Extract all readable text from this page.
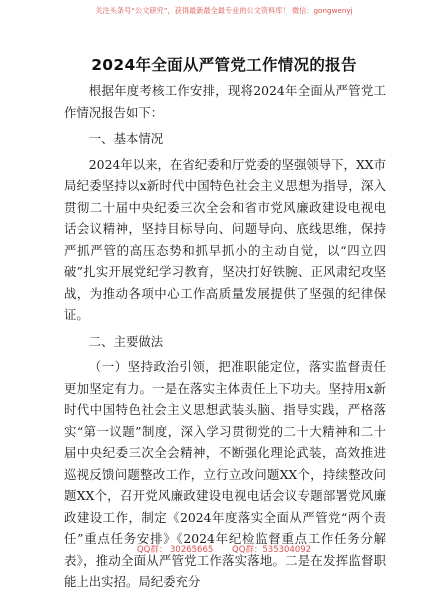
关注头条号“公文研究”，获得最新最全最专业的公文资料库！ 微信：gongwenyj
2024年全面从严管党工作情况的报告

根据年度考核工作安排，现将2024年全面从严管党工作情况报告如下：

一、基本情况

2024年以来，在省纪委和厅党委的坚强领导下，XX市局纪委坚持以x新时代中国特色社会主义思想为指导，深入贯彻二十届中央纪委三次全会和省市党风廉政建设电视电话会议精神，坚持目标导向、问题导向、底线思维，保持严抓严管的高压态势和抓早抓小的主动自觉，以“四立四破”扎实开展党纪学习教育，坚决打好铁腕、正风肃纪攻坚战，为推动各项中心工作高质量发展提供了坚强的纪律保证。

二、主要做法

（一）坚持政治引领，把准职能定位，落实监督责任更加坚定有力。一是在落实主体责任上下功夫。坚持用x新时代中国特色社会主义思想武装头脑、指导实践，严格落实“第一议题”制度，深入学习贯彻党的二十大精神和二十届中央纪委三次全会精神，不断强化理论武装，高效推进巡视反馈问题整改工作，立行立改问题XX个，持续整改问题XX个，召开党风廉政建设电视电话会议专题部署党风廉政建设工作，制定《2024年度落实全面从严管党“两个责任”重点任务安排》《2024年纪检监督重点工作任务分解表》，推动全面从严管党工作落实落地。二是在发挥监督职能上出实招。局纪委充分

QQ群： 30265665 QQ群：535304092
